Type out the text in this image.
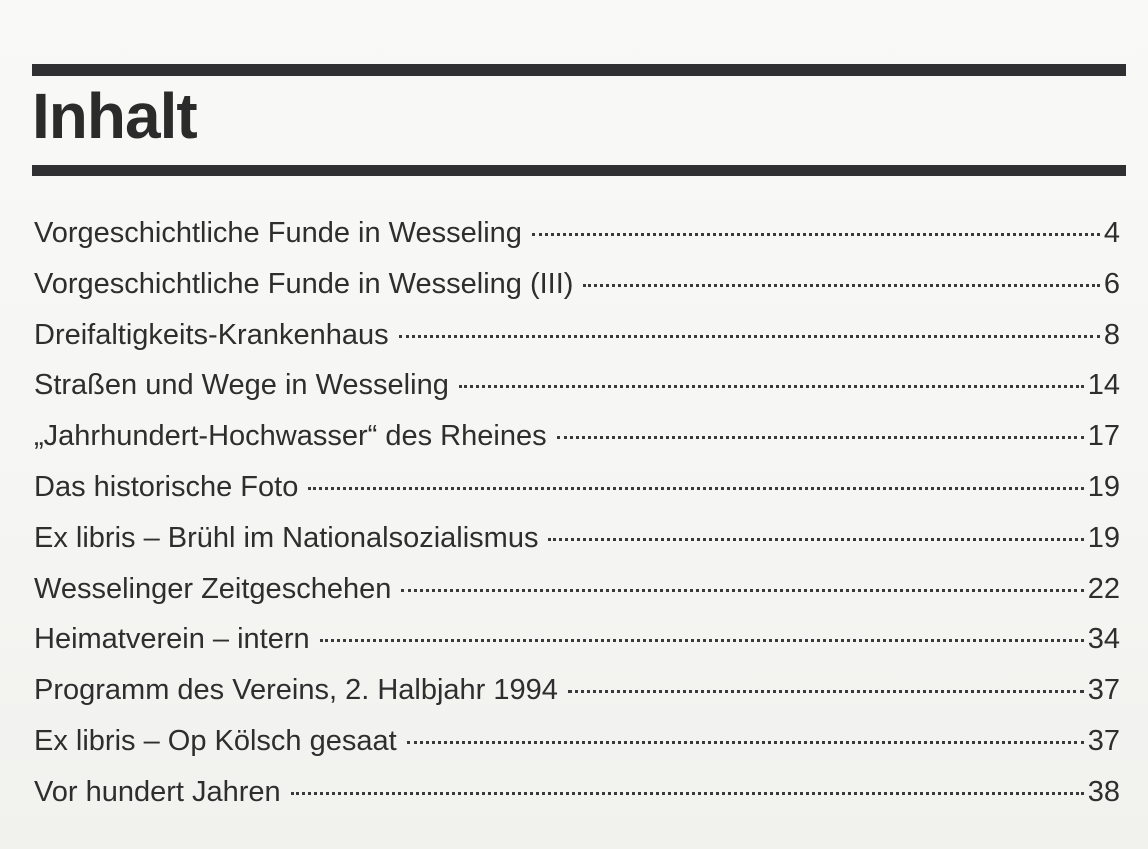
Inhalt
Vorgeschichtliche Funde in Wesseling	4
Vorgeschichtliche Funde in Wesseling (III)	6
Dreifaltigkeits-Krankenhaus	8
Straßen und Wege in Wesseling	14
„Jahrhundert-Hochwasser“ des Rheines	17
Das historische Foto	19
Ex libris – Brühl im Nationalsozialismus	19
Wesselinger Zeitgeschehen	22
Heimatverein – intern	34
Programm des Vereins, 2. Halbjahr 1994	37
Ex libris – Op Kölsch gesaat	37
Vor hundert Jahren	38
